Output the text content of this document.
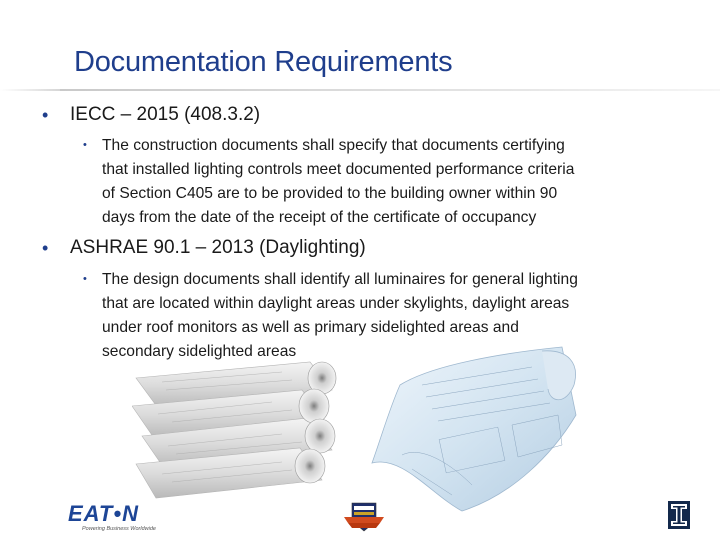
Documentation Requirements
• IECC – 2015 (408.3.2)
• The construction documents shall specify that documents certifying
that installed lighting controls meet documented performance criteria
of Section C405 are to be provided to the building owner within 90
days from the date of the receipt of the certificate of occupancy
• ASHRAE 90.1 – 2013 (Daylighting)
• The design documents shall identify all luminaires for general lighting
that are located within daylight areas under skylights, daylight areas
under roof monitors as well as primary sidelighted areas and
secondary sidelighted areas
EAT•N
Powering Business Worldwide
